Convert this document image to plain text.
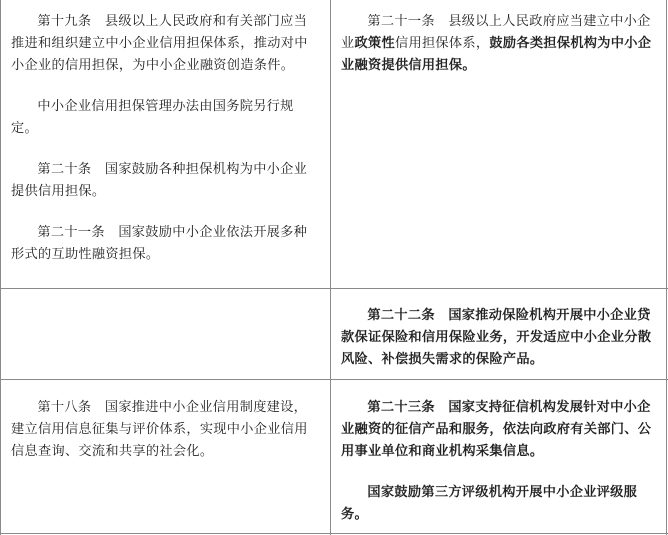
第十九条　县级以上人民政府和有关部门应当推进和组织建立中小企业信用担保体系，推动对中小企业的信用担保，为中小企业融资创造条件。

中小企业信用担保管理办法由国务院另行规定。

第二十条　国家鼓励各种担保机构为中小企业提供信用担保。

第二十一条　国家鼓励中小企业依法开展多种形式的互助性融资担保。

第二十一条　县级以上人民政府应当建立中小企业政策性信用担保体系，鼓励各类担保机构为中小企业融资提供信用担保。

第二十二条　国家推动保险机构开展中小企业贷款保证保险和信用保险业务，开发适应中小企业分散风险、补偿损失需求的保险产品。

第十八条　国家推进中小企业信用制度建设，建立信用信息征集与评价体系，实现中小企业信用信息查询、交流和共享的社会化。

第二十三条　国家支持征信机构发展针对中小企业融资的征信产品和服务，依法向政府有关部门、公用事业单位和商业机构采集信息。

国家鼓励第三方评级机构开展中小企业评级服务。
